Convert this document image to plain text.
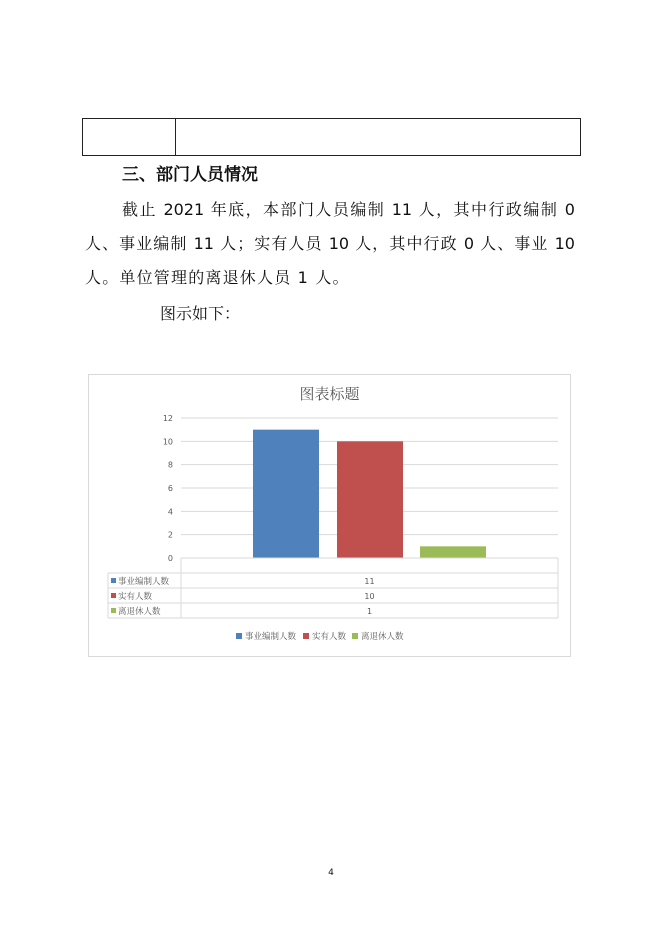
三、部门人员情况
截止 2021 年底，本部门人员编制 11 人，其中行政编制 0
人、事业编制 11 人；实有人员 10 人，其中行政 0 人、事业 10
人。单位管理的离退休人员 1 人。
图示如下：
图表标题
0
2
4
6
8
10
12
事业编制人数	11
实有人数	10
离退休人数	1
事业编制人数 实有人数 离退休人数
4
